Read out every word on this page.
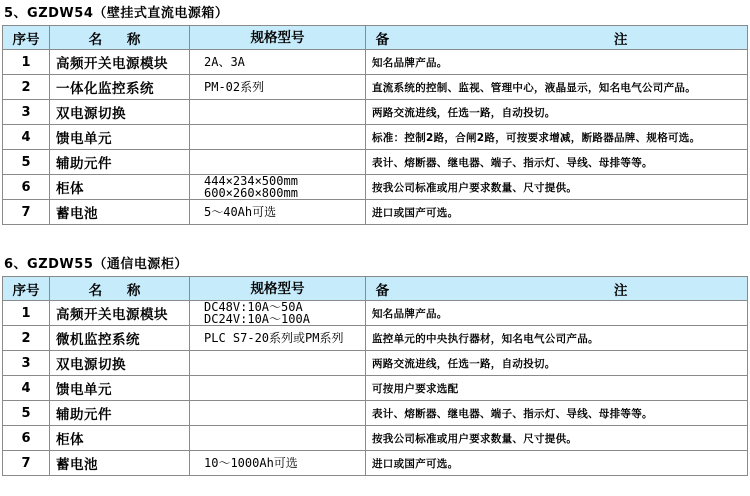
5、GZDW54（壁挂式直流电源箱）
序号	名 称	规格型号	备 注
1	高频开关电源模块	2A、3A	知名品牌产品。
2	一体化监控系统	PM-02系列	直流系统的控制、监视、管理中心，液晶显示，知名电气公司产品。
3	双电源切换		两路交流进线，任选一路，自动投切。
4	馈电单元		标准：控制2路，合闸2路，可按要求增减，断路器品牌、规格可选。
5	辅助元件		表计、熔断器、继电器、端子、指示灯、导线、母排等等。
6	柜体	444×234×500mm
600×260×800mm	按我公司标准或用户要求数量、尺寸提供。
7	蓄电池	5～40Ah可选	进口或国产可选。
6、GZDW55（通信电源柜）
序号	名 称	规格型号	备 注
1	高频开关电源模块	DC48V:10A～50A
DC24V:10A～100A	知名品牌产品。
2	微机监控系统	PLC S7-20系列或PM系列	监控单元的中央执行器材，知名电气公司产品。
3	双电源切换		两路交流进线，任选一路，自动投切。
4	馈电单元		可按用户要求选配
5	辅助元件		表计、熔断器、继电器、端子、指示灯、导线、母排等等。
6	柜体		按我公司标准或用户要求数量、尺寸提供。
7	蓄电池	10～1000Ah可选	进口或国产可选。
